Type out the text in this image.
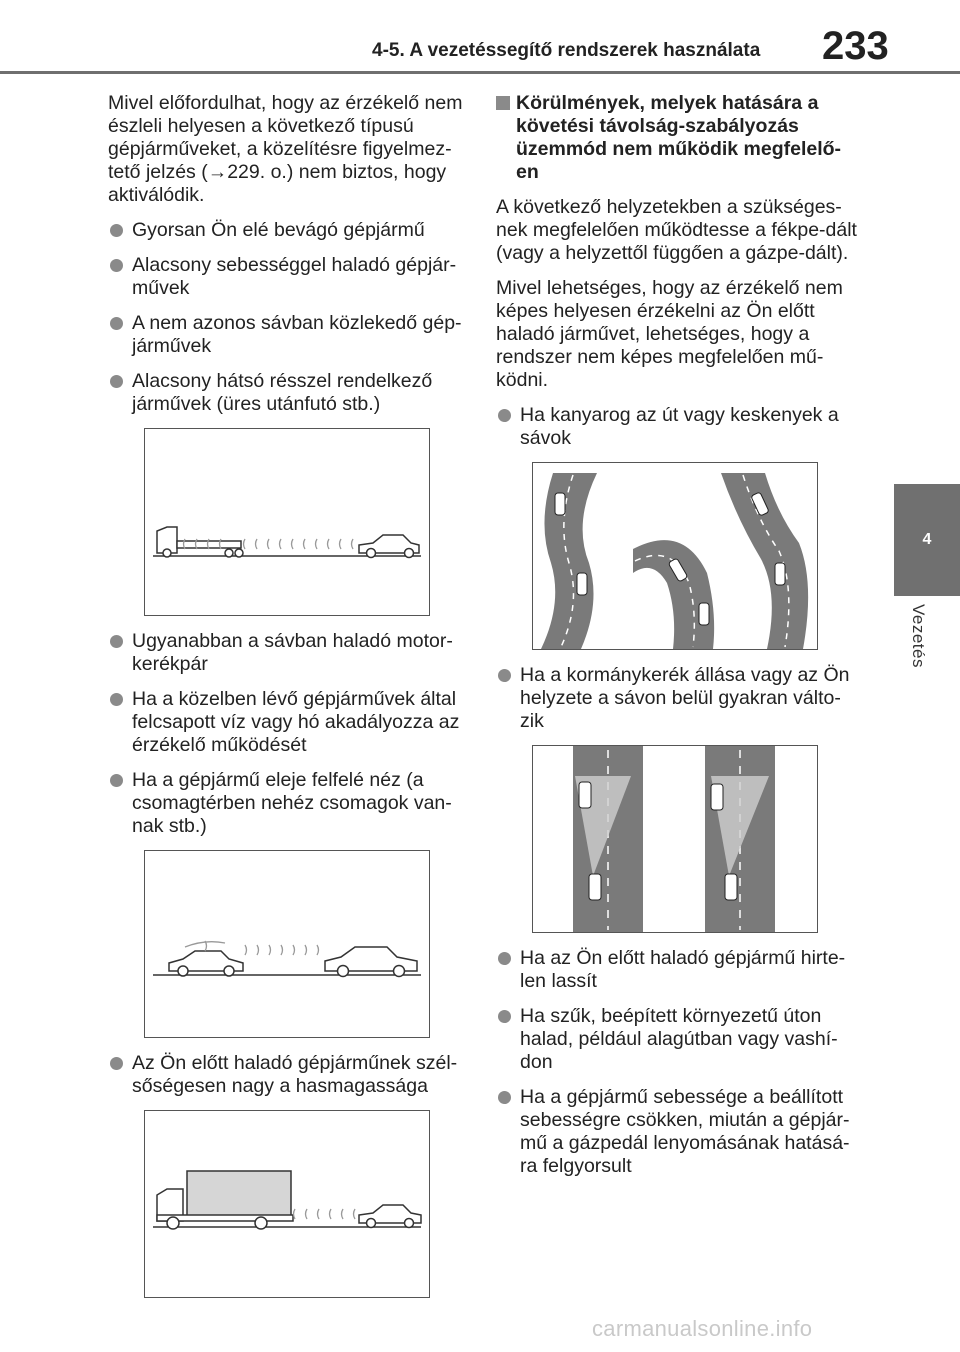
4-5. A vezetéssegítő rendszerek használata 233
4
Vezetés

Mivel előfordulhat, hogy az érzékelő nem észleli helyesen a következő típusú gépjárműveket, a közelítésre figyelmez-tető jelzés (→229. o.) nem biztos, hogy aktiválódik.

Gyorsan Ön elé bevágó gépjármű
Alacsony sebességgel haladó gépjár-művek
A nem azonos sávban közlekedő gép-járművek
Alacsony hátsó résszel rendelkező járművek (üres utánfutó stb.)
Ugyanabban a sávban haladó motor-kerékpár
Ha a közelben lévő gépjárművek által felcsapott víz vagy hó akadályozza az érzékelő működését
Ha a gépjármű eleje felfelé néz (a csomagtérben nehéz csomagok van-nak stb.)
Az Ön előtt haladó gépjárműnek szél-sőségesen nagy a hasmagassága
Körülmények, melyek hatására a követési távolság-szabályozás üzemmód nem működik megfelelő-en

A következő helyzetekben a szükséges-nek megfelelően működtesse a fékpe-dált (vagy a helyzettől függően a gázpe-dált).

Mivel lehetséges, hogy az érzékelő nem képes helyesen érzékelni az Ön előtt haladó járművet, lehetséges, hogy a rendszer nem képes megfelelően mű-ködni.

Ha kanyarog az út vagy keskenyek a sávok
Ha a kormánykerék állása vagy az Ön helyzete a sávon belül gyakran válto-zik
Ha az Ön előtt haladó gépjármű hirte-len lassít
Ha szűk, beépített környezetű úton halad, például alagútban vagy vashí-don
Ha a gépjármű sebessége a beállított sebességre csökken, miután a gépjár-mű a gázpedál lenyomásának hatásá-ra felgyorsult
carmanualsonline.info
